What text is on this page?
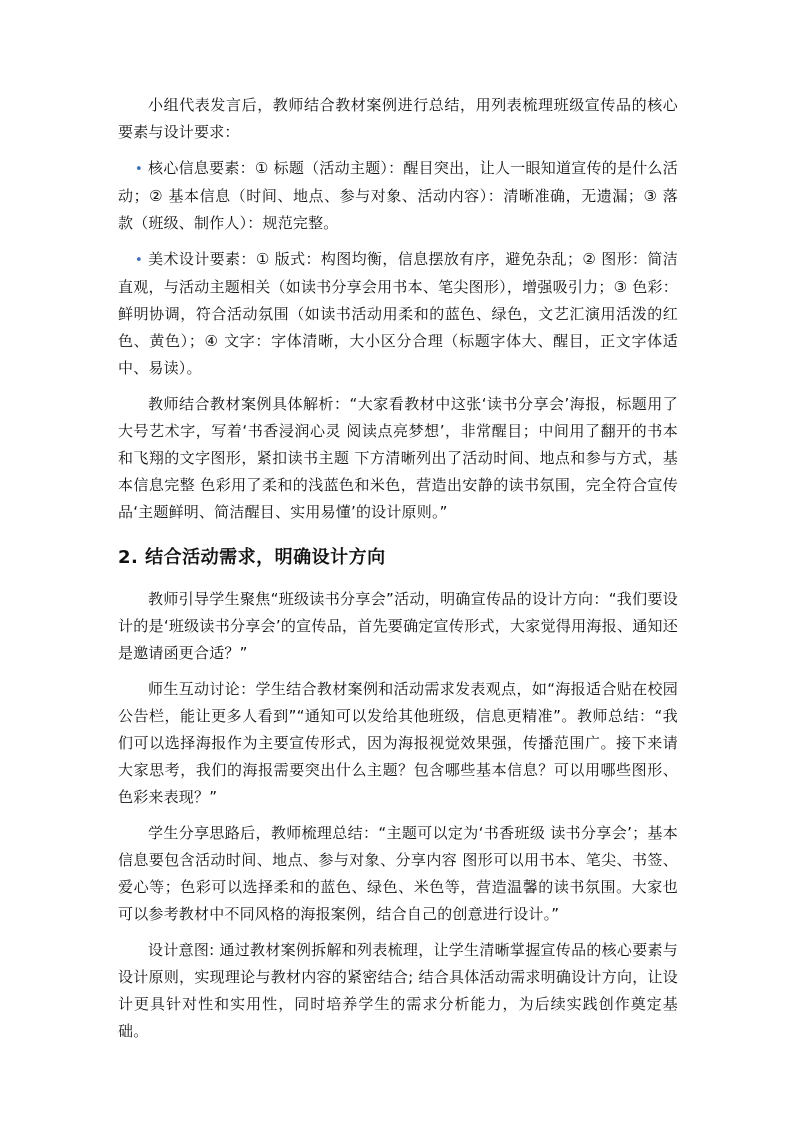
小组代表发言后，教师结合教材案例进行总结，用列表梳理班级宣传品的核心要素与设计要求：

• 核心信息要素：① 标题（活动主题）：醒目突出，让人一眼知道宣传的是什么活动；② 基本信息（时间、地点、参与对象、活动内容）：清晰准确，无遗漏；③ 落款（班级、制作人）：规范完整。
• 美术设计要素：① 版式：构图均衡，信息摆放有序，避免杂乱；② 图形：简洁直观，与活动主题相关（如读书分享会用书本、笔尖图形），增强吸引力；③ 色彩：鲜明协调，符合活动氛围（如读书活动用柔和的蓝色、绿色，文艺汇演用活泼的红色、黄色）；④ 文字：字体清晰，大小区分合理（标题字体大、醒目，正文字体适中、易读）。

教师结合教材案例具体解析：“大家看教材中这张‘读书分享会’海报，标题用了大号艺术字，写着‘书香浸润心灵 阅读点亮梦想’，非常醒目；中间用了翻开的书本和飞翔的文字图形，紧扣读书主题 下方清晰列出了活动时间、地点和参与方式，基本信息完整 色彩用了柔和的浅蓝色和米色，营造出安静的读书氛围，完全符合宣传品‘主题鲜明、简洁醒目、实用易懂’的设计原则。”

2. 结合活动需求，明确设计方向

教师引导学生聚焦“班级读书分享会”活动，明确宣传品的设计方向：“我们要设计的是‘班级读书分享会’的宣传品，首先要确定宣传形式，大家觉得用海报、通知还是邀请函更合适？”

师生互动讨论：学生结合教材案例和活动需求发表观点，如“海报适合贴在校园公告栏，能让更多人看到”“通知可以发给其他班级，信息更精准”。教师总结：“我们可以选择海报作为主要宣传形式，因为海报视觉效果强，传播范围广。接下来请大家思考，我们的海报需要突出什么主题？包含哪些基本信息？可以用哪些图形、色彩来表现？”

学生分享思路后，教师梳理总结：“主题可以定为‘书香班级 读书分享会’；基本信息要包含活动时间、地点、参与对象、分享内容 图形可以用书本、笔尖、书签、爱心等；色彩可以选择柔和的蓝色、绿色、米色等，营造温馨的读书氛围。大家也可以参考教材中不同风格的海报案例，结合自己的创意进行设计。”

设计意图: 通过教材案例拆解和列表梳理，让学生清晰掌握宣传品的核心要素与设计原则，实现理论与教材内容的紧密结合; 结合具体活动需求明确设计方向，让设计更具针对性和实用性，同时培养学生的需求分析能力，为后续实践创作奠定基础。
